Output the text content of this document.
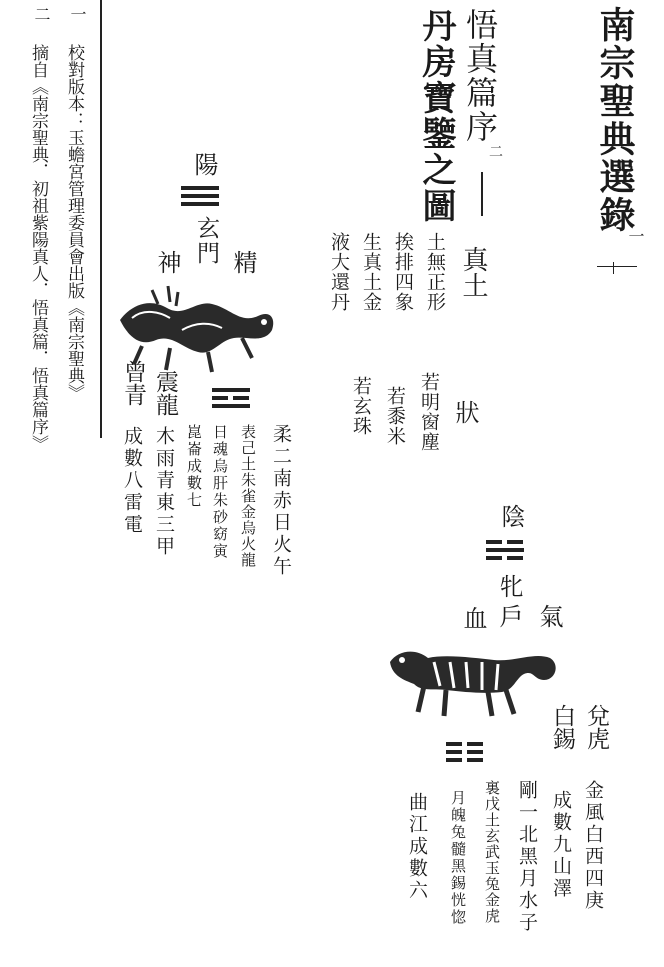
南宗聖典選錄
一
悟真篇序
二
丹房寶鑒之圖
一
校對版本：玉蟾宮管理委員會出版《南宗聖典》
二
摘自《南宗聖典．初祖紫陽真人．悟真篇．悟真篇序》	真土
土無正形
挨排四象
生真土金
液大還丹
狀
若明窗塵
若黍米
若玄珠
陽
玄門
神 精
曾青 震龍
成數八雷電 木雨青東三甲 崑崙成數七 日魂烏肝朱砂窈寅 表己土朱雀金烏火龍 柔二南赤日火午	陰
牝
戶
血 氣
白錫 兌虎
曲江成數六 月魄兔髓黑錫恍惚 裏戊土玄武玉兔金虎 剛一北黑月水子 成數九山澤 金風白西四庚
